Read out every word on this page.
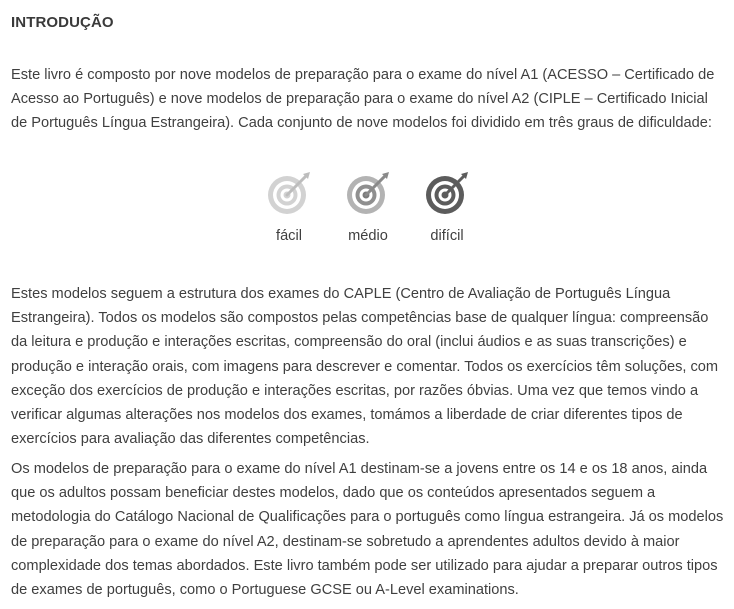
INTRODUÇÃO

Este livro é composto por nove modelos de preparação para o exame do nível A1 (ACESSO – Certificado de Acesso ao Português) e nove modelos de preparação para o exame do nível A2 (CIPLE – Certificado Inicial de Português Língua Estrangeira). Cada conjunto de nove modelos foi dividido em três graus de dificuldade:

fácil	médio	difícil

Estes modelos seguem a estrutura dos exames do CAPLE (Centro de Avaliação de Português Língua Estrangeira). Todos os modelos são compostos pelas competências base de qualquer língua: compreensão da leitura e produção e interações escritas, compreensão do oral (inclui áudios e as suas transcrições) e produção e interação orais, com imagens para descrever e comentar. Todos os exercícios têm soluções, com exceção dos exercícios de produção e interações escritas, por razões óbvias. Uma vez que temos vindo a verificar algumas alterações nos modelos dos exames, tomámos a liberdade de criar diferentes tipos de exercícios para avaliação das diferentes competências.

Os modelos de preparação para o exame do nível A1 destinam-se a jovens entre os 14 e os 18 anos, ainda que os adultos possam beneficiar destes modelos, dado que os conteúdos apresentados seguem a metodologia do Catálogo Nacional de Qualificações para o português como língua estrangeira. Já os modelos de preparação para o exame do nível A2, destinam-se sobretudo a aprendentes adultos devido à maior complexidade dos temas abordados. Este livro também pode ser utilizado para ajudar a preparar outros tipos de exames de português, como o Portuguese GCSE ou A-Level examinations.
